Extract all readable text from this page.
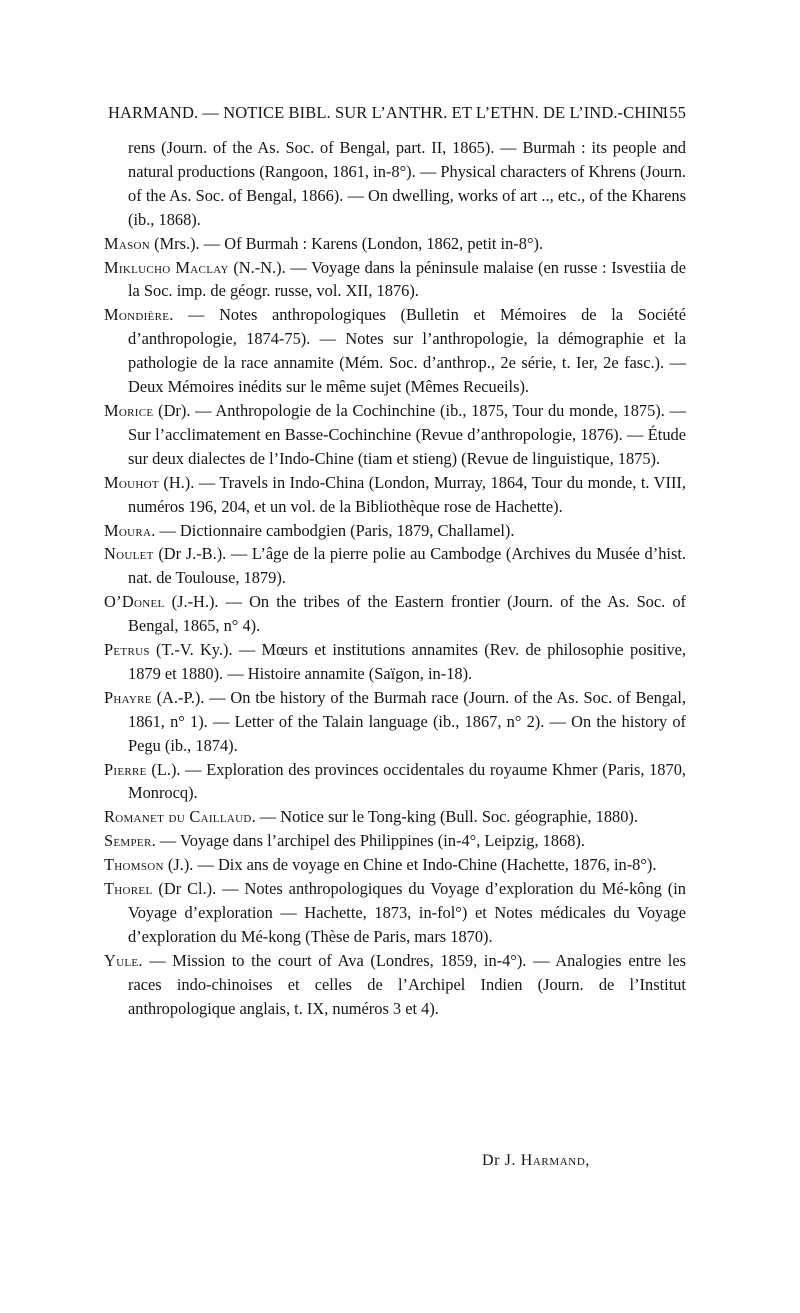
HARMAND. — NOTICE BIBL. SUR L’ANTHR. ET L’ETHN. DE L’IND.-CHIN.
155

rens (Journ. of the As. Soc. of Bengal, part. II, 1865). — Burmah : its people and natural productions (Rangoon, 1861, in-8°). — Physical characters of Khrens (Journ. of the As. Soc. of Bengal, 1866). — On dwelling, works of art .., etc., of the Kharens (ib., 1868).

Mason (Mrs.). — Of Burmah : Karens (London, 1862, petit in-8°).

Miklucho Maclay (N.-N.). — Voyage dans la péninsule malaise (en russe : Isvestiia de la Soc. imp. de géogr. russe, vol. XII, 1876).

Mondière. — Notes anthropologiques (Bulletin et Mémoires de la Société d’anthropologie, 1874-75). — Notes sur l’anthropologie, la démographie et la pathologie de la race annamite (Mém. Soc. d’anthrop., 2e série, t. Ier, 2e fasc.). — Deux Mémoires inédits sur le même sujet (Mêmes Recueils).

Morice (Dr). — Anthropologie de la Cochinchine (ib., 1875, Tour du monde, 1875). — Sur l’acclimatement en Basse-Cochinchine (Revue d’anthropologie, 1876). — Étude sur deux dialectes de l’Indo-Chine (tiam et stieng) (Revue de linguistique, 1875).

Mouhot (H.). — Travels in Indo-China (London, Murray, 1864, Tour du monde, t. VIII, numéros 196, 204, et un vol. de la Bibliothèque rose de Hachette).

Moura. — Dictionnaire cambodgien (Paris, 1879, Challamel).

Noulet (Dr J.-B.). — L’âge de la pierre polie au Cambodge (Archives du Musée d’hist. nat. de Toulouse, 1879).

O’Donel (J.-H.). — On the tribes of the Eastern frontier (Journ. of the As. Soc. of Bengal, 1865, n° 4).

Petrus (T.-V. Ky.). — Mœurs et institutions annamites (Rev. de philosophie positive, 1879 et 1880). — Histoire annamite (Saïgon, in-18).

Phayre (A.-P.). — On tbe history of the Burmah race (Journ. of the As. Soc. of Bengal, 1861, n° 1). — Letter of the Talain language (ib., 1867, n° 2). — On the history of Pegu (ib., 1874).

Pierre (L.). — Exploration des provinces occidentales du royaume Khmer (Paris, 1870, Monrocq).

Romanet du Caillaud. — Notice sur le Tong-king (Bull. Soc. géographie, 1880).

Semper. — Voyage dans l’archipel des Philippines (in-4°, Leipzig, 1868).

Thomson (J.). — Dix ans de voyage en Chine et Indo-Chine (Hachette, 1876, in-8°).

Thorel (Dr Cl.). — Notes anthropologiques du Voyage d’exploration du Mé-kông (in Voyage d’exploration — Hachette, 1873, in-fol°) et Notes médicales du Voyage d’exploration du Mé-kong (Thèse de Paris, mars 1870).

Yule. — Mission to the court of Ava (Londres, 1859, in-4°). — Analogies entre les races indo-chinoises et celles de l’Archipel Indien (Journ. de l’Institut anthropologique anglais, t. IX, numéros 3 et 4).

Dr J. Harmand,
